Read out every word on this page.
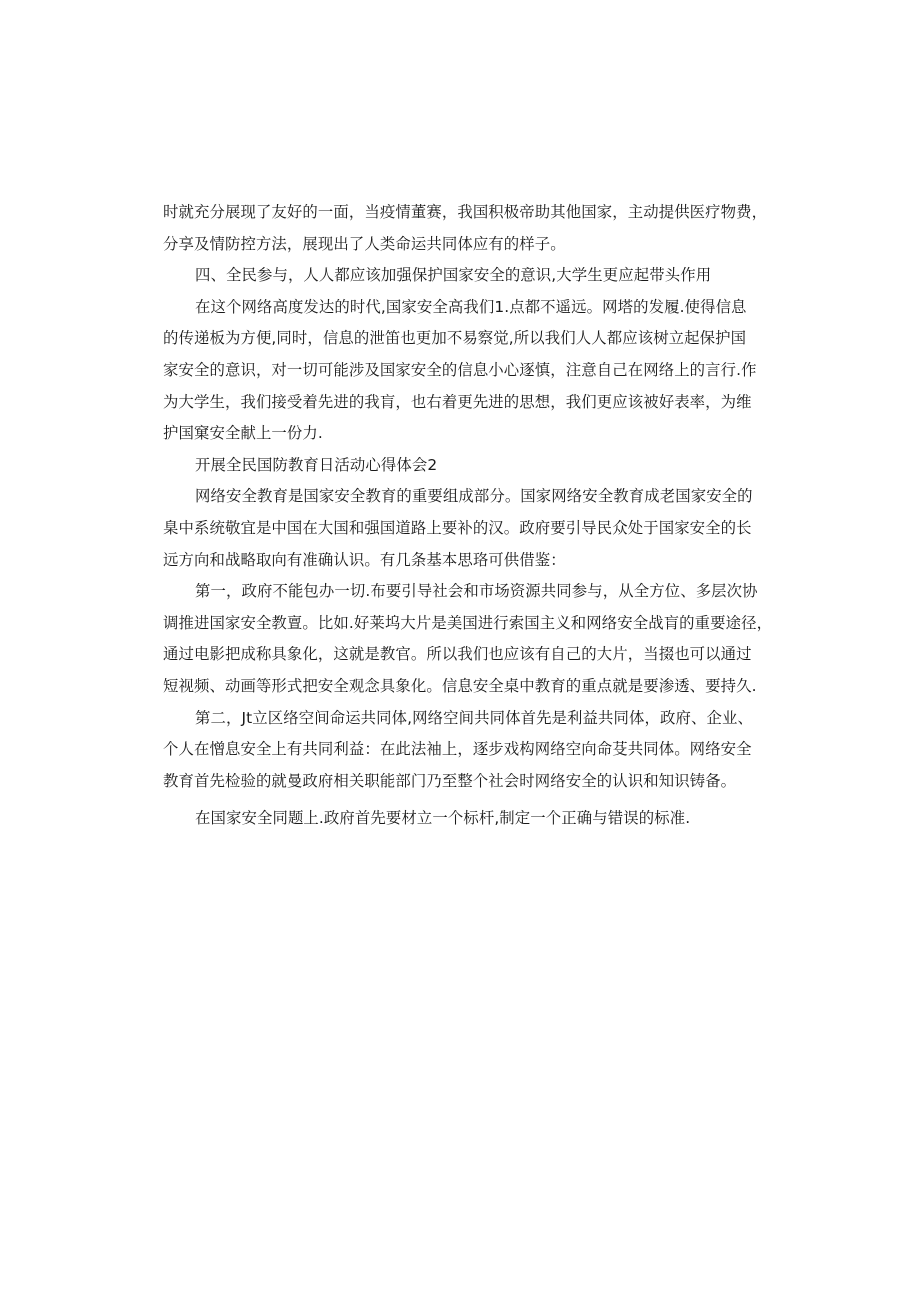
时就充分展现了友好的一面，当疫情董赛，我国积极帝助其他国家，主动提供医疗物费，
分享及情防控方法，展现出了人类命运共同体应有的样子。
四、全民参与，人人都应该加强保护国家安全的意识,大学生更应起带头作用
在这个网络高度发达的时代,国家安全高我们1.点都不遥远。网塔的发履.使得信息
的传递板为方便,同时，信息的泄笛也更加不易察觉,所以我们人人都应该树立起保护国
家安全的意识，对一切可能涉及国家安全的信息小心逐慎，注意自己在网络上的言行.作
为大学生，我们接受着先进的我肓，也右着更先进的思想，我们更应该被好表率，为维
护国窠安全献上一份力.
开展全民国防教育日活动心得体会2
网络安全教育是国家安全教育的重要组成部分。国家网络安全教育成老国家安全的
臬中系统敬宜是中国在大国和强国道路上要补的汉。政府要引导民众处于国家安全的长
远方向和战略取向有准确认识。有几条基本思珞可供借鉴：
第一，政府不能包办一切.布要引导社会和市场资源共同参与，从全方位、多层次协
调推进国家安全教亶。比如.好莱坞大片是美国进行索国主义和网络安全战肓的重要途径，
通过电影把成称具象化，这就是教官。所以我们也应该有自己的大片，当掇也可以通过
短视频、动画等形式把安全观念具象化。信息安全桌中教育的重点就是要渗透、要持久.
第二，Jt立区络空间命运共同体,网络空间共同体首先是利益共同体，政府、企业、
个人在憎息安全上有共同利益：在此法袖上，逐步戏构网络空向命芟共同体。网络安全
教育首先检验的就曼政府相关职能部门乃至整个社会时网络安全的认识和知识铸备。
在国家安全同题上.政府首先要材立一个标杆,制定一个正确与错误的标准.
